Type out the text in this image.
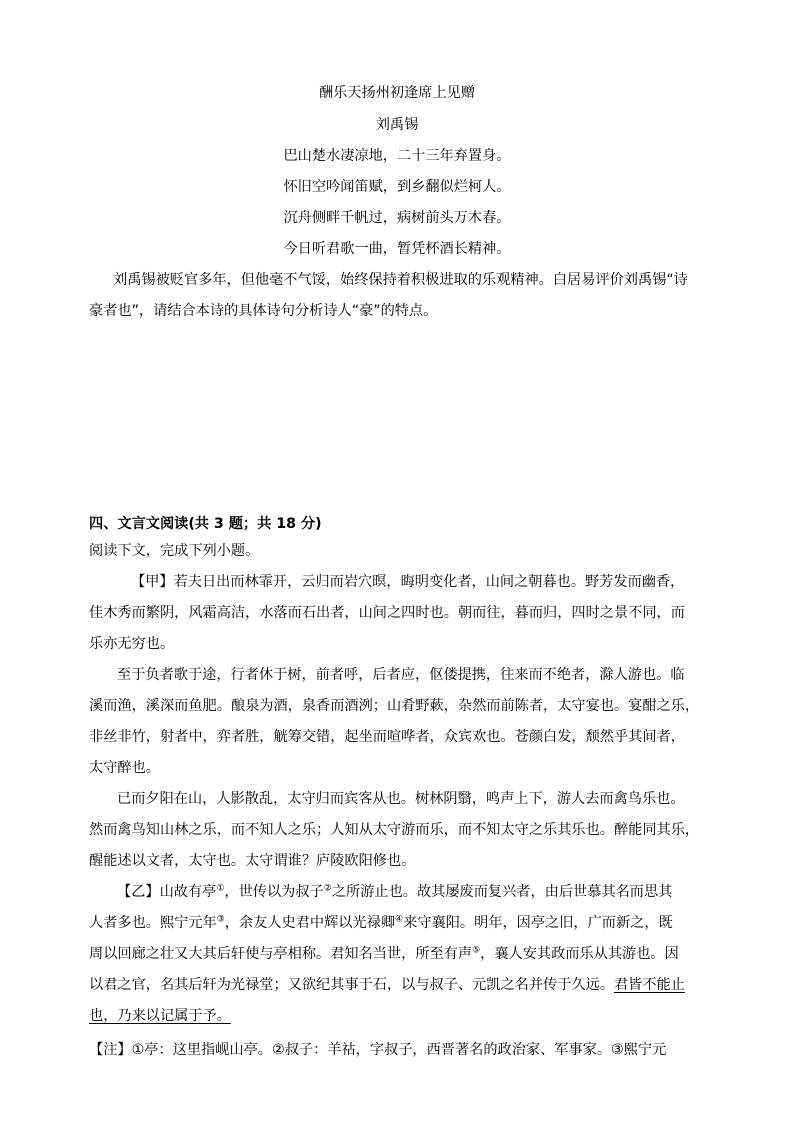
酬乐天扬州初逢席上见赠

刘禹锡

巴山楚水凄凉地，二十三年弃置身。

怀旧空吟闻笛赋，到乡翻似烂柯人。

沉舟侧畔千帆过，病树前头万木春。

今日听君歌一曲，暂凭杯酒长精神。

刘禹锡被贬官多年，但他毫不气馁，始终保持着积极进取的乐观精神。白居易评价刘禹锡“诗

豪者也”，请结合本诗的具体诗句分析诗人“豪”的特点。

四、文言文阅读(共 3 题；共 18 分)

阅读下文，完成下列小题。

【甲】若夫日出而林霏开，云归而岩穴暝，晦明变化者，山间之朝暮也。野芳发而幽香，

佳木秀而繁阴，风霜高洁，水落而石出者，山间之四时也。朝而往，暮而归，四时之景不同，而

乐亦无穷也。

至于负者歌于途，行者休于树，前者呼，后者应，伛偻提携，往来而不绝者，滁人游也。临

溪而渔，溪深而鱼肥。酿泉为酒，泉香而酒洌；山肴野蔌，杂然而前陈者，太守宴也。宴酣之乐，

非丝非竹，射者中，弈者胜，觥筹交错，起坐而喧哗者，众宾欢也。苍颜白发，颓然乎其间者，

太守醉也。

已而夕阳在山，人影散乱，太守归而宾客从也。树林阴翳，鸣声上下，游人去而禽鸟乐也。

然而禽鸟知山林之乐，而不知人之乐；人知从太守游而乐，而不知太守之乐其乐也。醉能同其乐，

醒能述以文者，太守也。太守谓谁？庐陵欧阳修也。

【乙】山故有亭①，世传以为叔子②之所游止也。故其屡废而复兴者，由后世慕其名而思其

人者多也。熙宁元年③，余友人史君中辉以光禄卿④来守襄阳。明年，因亭之旧，广而新之，既

周以回廊之壮又大其后轩使与亭相称。君知名当世，所至有声⑤，襄人安其政而乐从其游也。因

以君之官，名其后轩为光禄堂；又欲纪其事于石，以与叔子、元凯之名并传于久远。君皆不能止

也，乃来以记属于予。

【注】①亭：这里指岘山亭。②叔子：羊祜，字叔子，西晋著名的政治家、军事家。③熙宁元
